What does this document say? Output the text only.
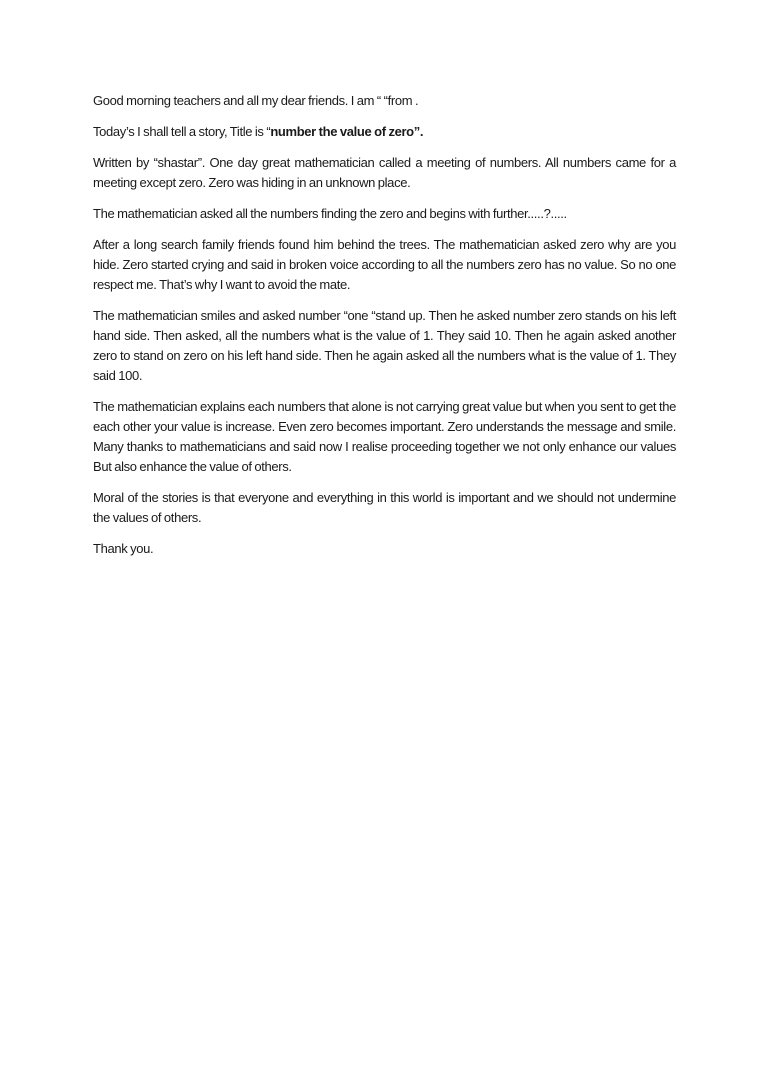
Good morning teachers and all my dear friends. I am “ “from .

Today’s I shall tell a story, Title is “number the value of zero”.

Written by “shastar”. One day great mathematician called a meeting of numbers. All numbers came for a meeting except zero. Zero was hiding in an unknown place.

The mathematician asked all the numbers finding the zero and begins with further.....?.....

After a long search family friends found him behind the trees. The mathematician asked zero why are you hide. Zero started crying and said in broken voice according to all the numbers zero has no value. So no one respect me. That’s why I want to avoid the mate.

The mathematician smiles and asked number “one “stand up. Then he asked number zero stands on his left hand side. Then asked, all the numbers what is the value of 1. They said 10. Then he again asked another zero to stand on zero on his left hand side. Then he again asked all the numbers what is the value of 1. They said 100.

The mathematician explains each numbers that alone is not carrying great value but when you sent to get the each other your value is increase. Even zero becomes important. Zero understands the message and smile. Many thanks to mathematicians and said now I realise proceeding together we not only enhance our values But also enhance the value of others.

Moral of the stories is that everyone and everything in this world is important and we should not undermine the values of others.

Thank you.
